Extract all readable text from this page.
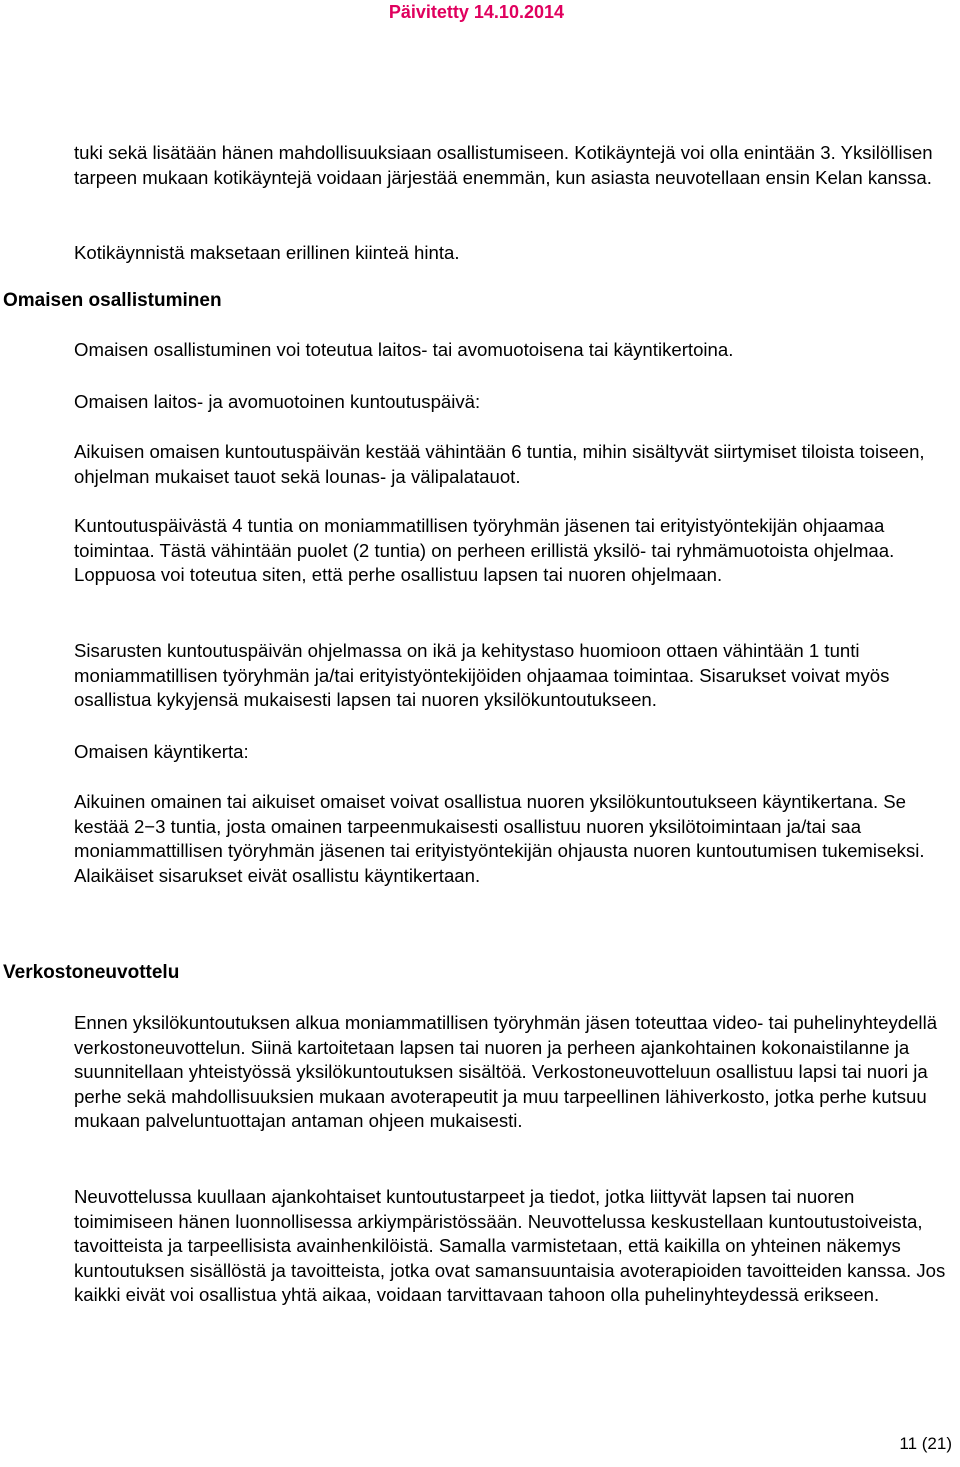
Päivitetty 14.10.2014

tuki sekä lisätään hänen mahdollisuuksiaan osallistumiseen. Kotikäyntejä voi olla enintään 3. Yksilöllisen tarpeen mukaan kotikäyntejä voidaan järjestää enemmän, kun asiasta neuvotellaan ensin Kelan kanssa.

Kotikäynnistä maksetaan erillinen kiinteä hinta.

Omaisen osallistuminen

Omaisen osallistuminen voi toteutua laitos- tai avomuotoisena tai käyntikertoina.

Omaisen laitos- ja avomuotoinen kuntoutuspäivä:

Aikuisen omaisen kuntoutuspäivän kestää vähintään 6 tuntia, mihin sisältyvät siirtymiset tiloista toiseen, ohjelman mukaiset tauot sekä lounas- ja välipalatauot.

Kuntoutuspäivästä 4 tuntia on moniammatillisen työryhmän jäsenen tai erityistyöntekijän ohjaamaa toimintaa. Tästä vähintään puolet (2 tuntia) on perheen erillistä yksilö- tai ryhmämuotoista ohjelmaa. Loppuosa voi toteutua siten, että perhe osallistuu lapsen tai nuoren ohjelmaan.

Sisarusten kuntoutuspäivän ohjelmassa on ikä ja kehitystaso huomioon ottaen vähintään 1 tunti moniammatillisen työryhmän ja/tai erityistyöntekijöiden ohjaamaa toimintaa. Sisarukset voivat myös osallistua kykyjensä mukaisesti lapsen tai nuoren yksilökuntoutukseen.

Omaisen käyntikerta:

Aikuinen omainen tai aikuiset omaiset voivat osallistua nuoren yksilökuntoutukseen käyntikertana. Se kestää 2−3 tuntia, josta omainen tarpeenmukaisesti osallistuu nuoren yksilötoimintaan ja/tai saa moniammattillisen työryhmän jäsenen tai erityistyöntekijän ohjausta nuoren kuntoutumisen tukemiseksi. Alaikäiset sisarukset eivät osallistu käyntikertaan.

Verkostoneuvottelu

Ennen yksilökuntoutuksen alkua moniammatillisen työryhmän jäsen toteuttaa video- tai puhelinyhteydellä verkostoneuvottelun. Siinä kartoitetaan lapsen tai nuoren ja perheen ajankohtainen kokonaistilanne ja suunnitellaan yhteistyössä yksilökuntoutuksen sisältöä. Verkostoneuvotteluun osallistuu lapsi tai nuori ja perhe sekä mahdollisuuksien mukaan avoterapeutit ja muu tarpeellinen lähiverkosto, jotka perhe kutsuu mukaan palveluntuottajan antaman ohjeen mukaisesti.

Neuvottelussa kuullaan ajankohtaiset kuntoutustarpeet ja tiedot, jotka liittyvät lapsen tai nuoren toimimiseen hänen luonnollisessa arkiympäristössään. Neuvottelussa keskustellaan kuntoutustoiveista, tavoitteista ja tarpeellisista avainhenkilöistä. Samalla varmistetaan, että kaikilla on yhteinen näkemys kuntoutuksen sisällöstä ja tavoitteista, jotka ovat samansuuntaisia avoterapioiden tavoitteiden kanssa. Jos kaikki eivät voi osallistua yhtä aikaa, voidaan tarvittavaan tahoon olla puhelinyhteydessä erikseen.

11 (21)
